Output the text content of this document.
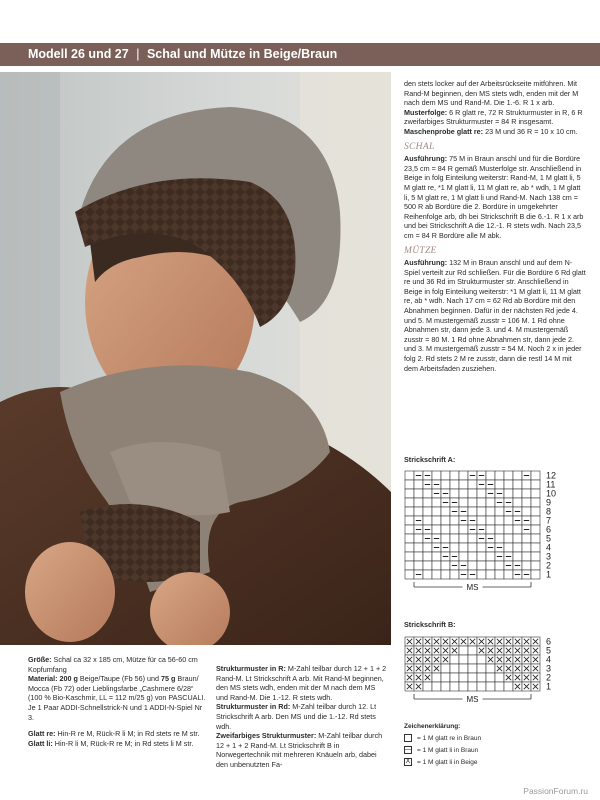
Modell 26 und 27 | Schal und Mütze in Beige/Braun

den stets locker auf der Arbeitsrückseite mitführen. Mit Rand-M beginnen, den MS stets wdh, enden mit der M nach dem MS und Rand-M. Die 1.-6. R 1 x arb.

Musterfolge: 6 R glatt re, 72 R Strukturmuster in R, 6 R zweifarbiges Strukturmuster = 84 R insgesamt.

Maschenprobe glatt re: 23 M und 36 R = 10 x 10 cm.

SCHAL

Ausführung: 75 M in Braun anschl und für die Bordüre 23,5 cm = 84 R gemäß Musterfolge str. Anschließend in Beige in folg Einteilung weiterstr: Rand-M, 1 M glatt li, 5 M glatt re, *1 M glatt li, 11 M glatt re, ab * wdh, 1 M glatt li, 5 M glatt re, 1 M glatt li und Rand-M. Nach 138 cm = 500 R ab Bordüre die 2. Bordüre in umgekehrter Reihenfolge arb, dh bei Strickschrift B die 6.-1. R 1 x arb und bei Strickschrift A die 12.-1. R stets wdh. Nach 23,5 cm = 84 R Bordüre alle M abk.

MÜTZE

Ausführung: 132 M in Braun anschl und auf dem N-Spiel verteilt zur Rd schließen. Für die Bordüre 6 Rd glatt re und 36 Rd im Strukturmuster str. Anschließend in Beige in folg Einteilung weiterstr: *1 M glatt li, 11 M glatt re, ab * wdh. Nach 17 cm = 62 Rd ab Bordüre mit den Abnahmen beginnen. Dafür in der nächsten Rd jede 4. und 5. M mustergemäß zusstr = 106 M. 1 Rd ohne Abnahmen str, dann jede 3. und 4. M mustergemäß zusstr = 80 M. 1 Rd ohne Abnahmen str, dann jede 2. und 3. M mustergemäß zusstr = 54 M. Noch 2 x in jeder folg 2. Rd stets 2 M re zusstr, dann die restl 14 M mit dem Arbeitsfaden zusziehen.

Größe: Schal ca 32 x 185 cm, Mütze für ca 56-60 cm Kopfumfang

Material: 200 g Beige/Taupe (Fb 56) und 75 g Braun/ Mocca (Fb 72) oder Lieblingsfarbe „Cashmere 6/28“ (100 % Bio-Kaschmir, LL = 112 m/25 g) von PASCUALI. Je 1 Paar ADDI-Schnellstrick-N und 1 ADDI-N-Spiel Nr 3.

Glatt re: Hin-R re M, Rück-R li M; in Rd stets re M str.

Glatt li: Hin-R li M, Rück-R re M; in Rd stets li M str.

Strukturmuster in R: M-Zahl teilbar durch 12 + 1 + 2 Rand-M. Lt Strickschrift A arb. Mit Rand-M beginnen, den MS stets wdh, enden mit der M nach dem MS und Rand-M. Die 1.-12. R stets wdh.

Strukturmuster in Rd: M-Zahl teilbar durch 12. Lt Strickschrift A arb. Den MS und die 1.-12. Rd stets wdh.

Zweifarbiges Strukturmuster: M-Zahl teilbar durch 12 + 1 + 2 Rand-M. Lt Strickschrift B in Norwegertechnik mit mehreren Knäueln arb, dabei den unbenutzten Fa-

Strickschrift A:
12
11
10
9
8
7
6
5
4
3
2
1
MS
Strickschrift B:
6
5
4
3
2
1
MS
Zeichenerklärung:
= 1 M glatt re in Braun
— = 1 M glatt li in Braun
X = 1 M glatt li in Beige
PassionForum.ru
